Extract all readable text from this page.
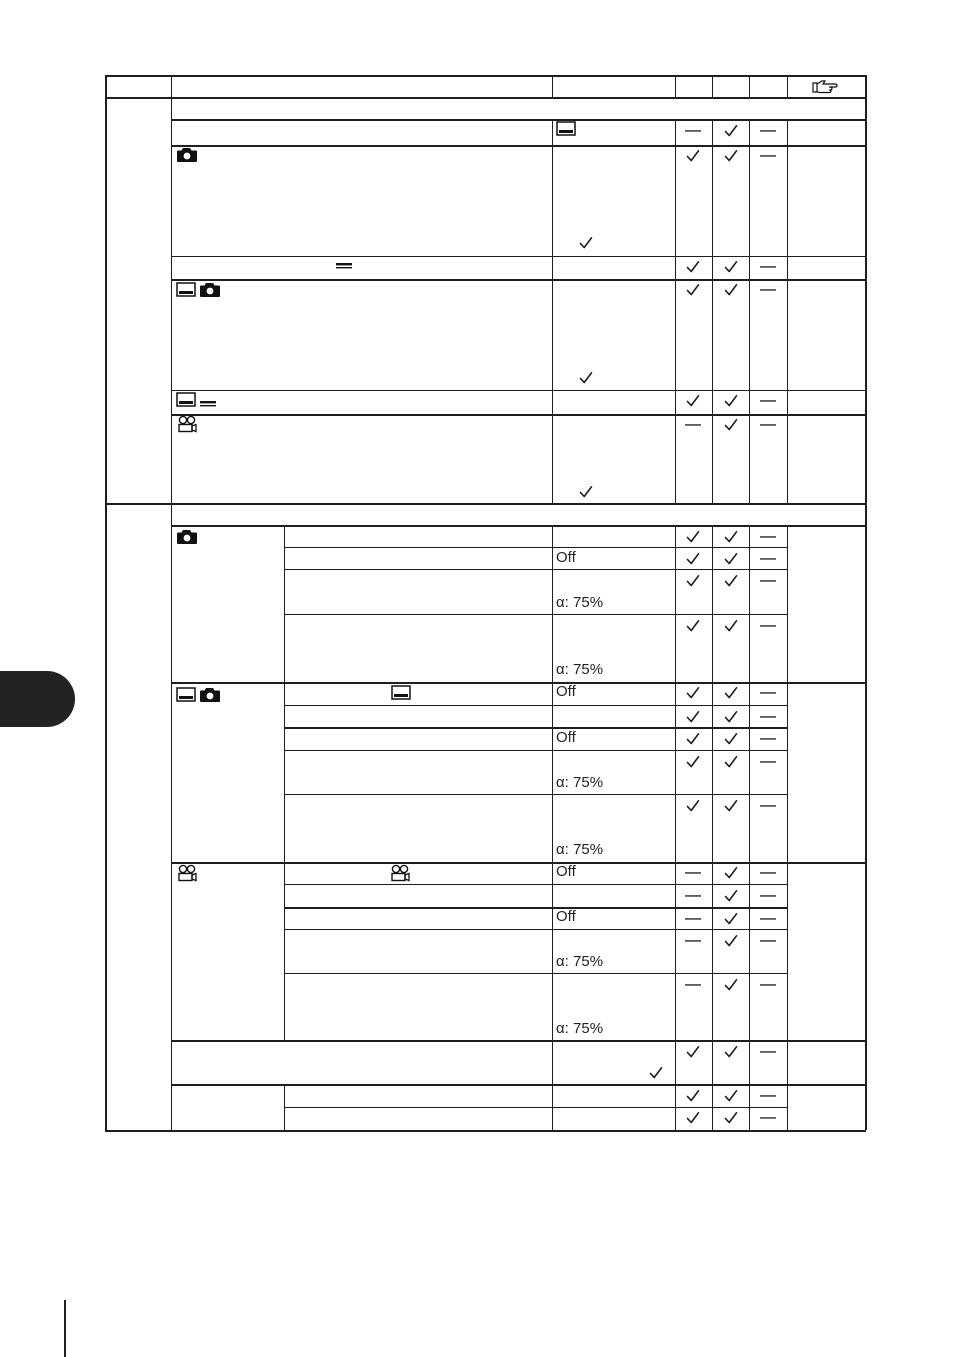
Off
α: 75%
α: 75%
Off
Off
α: 75%
α: 75%
Off
Off
α: 75%
α: 75%
